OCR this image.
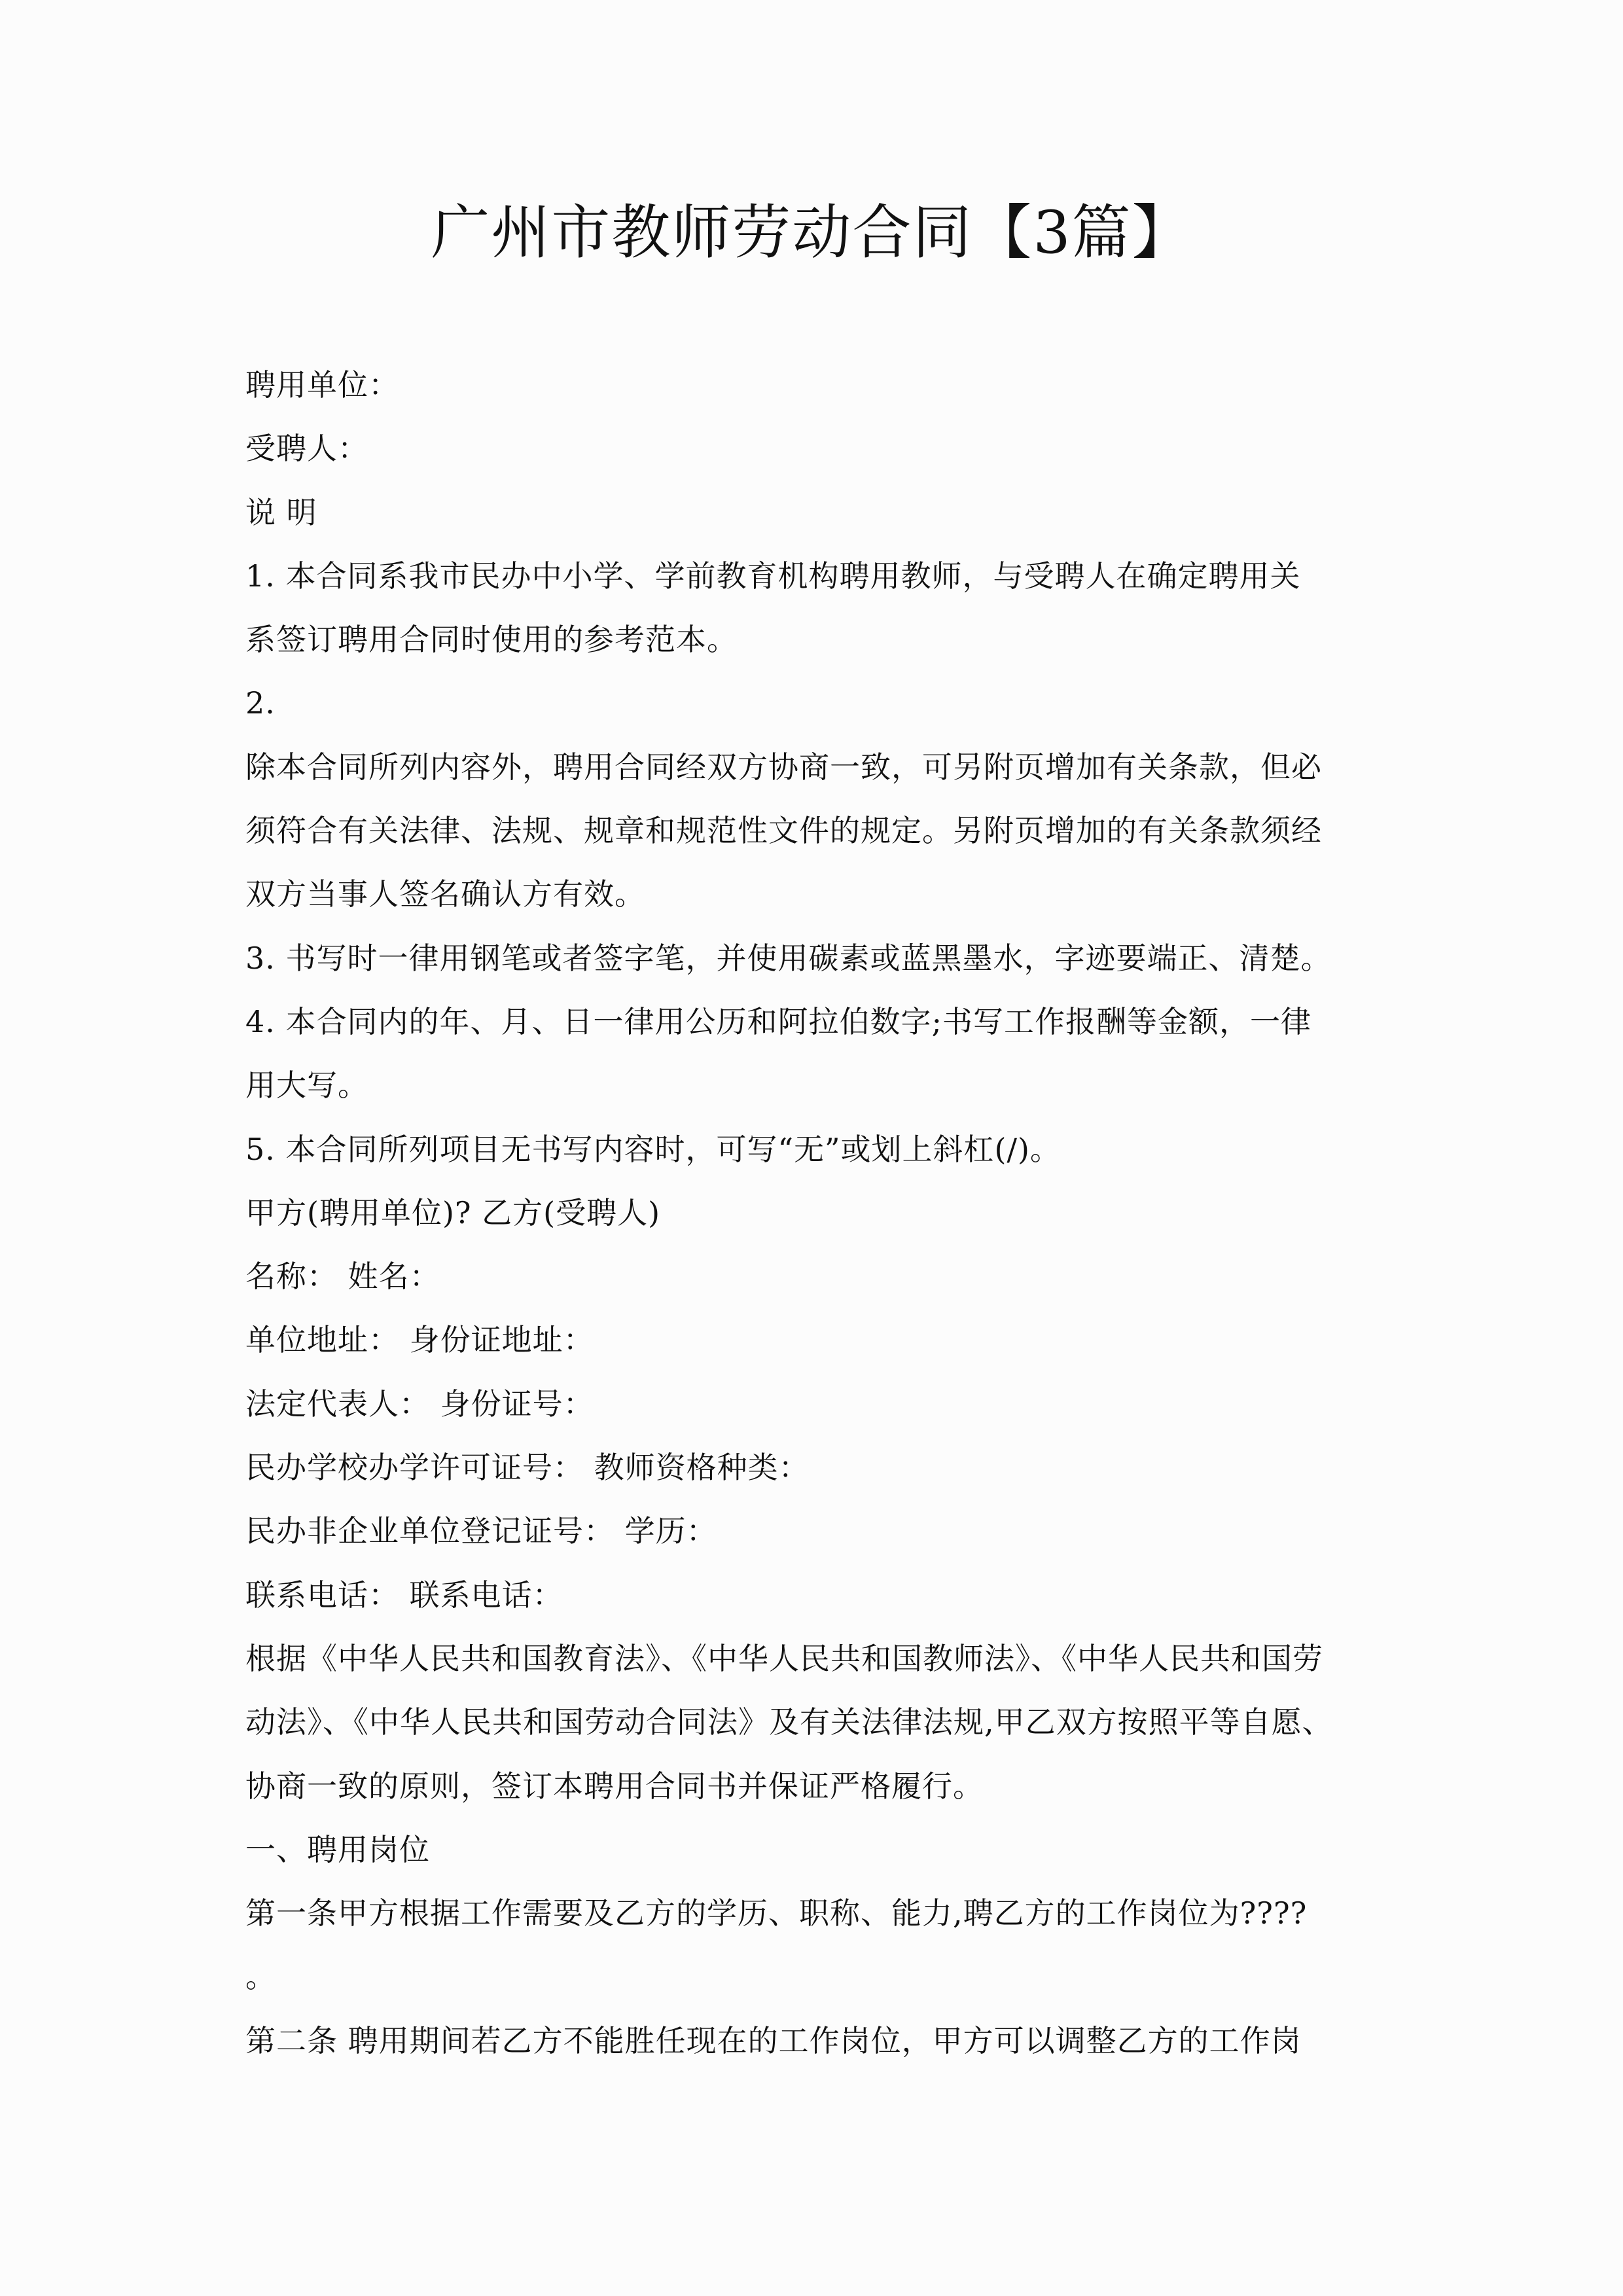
广州市教师劳动合同【3篇】
聘用单位：
受聘人：
说 明
1. 本合同系我市民办中小学、学前教育机构聘用教师，与受聘人在确定聘用关
系签订聘用合同时使用的参考范本。
2.
除本合同所列内容外，聘用合同经双方协商一致，可另附页增加有关条款，但必
须符合有关法律、法规、规章和规范性文件的规定。另附页增加的有关条款须经
双方当事人签名确认方有效。
3. 书写时一律用钢笔或者签字笔，并使用碳素或蓝黑墨水，字迹要端正、清楚。
4. 本合同内的年、月、日一律用公历和阿拉伯数字;书写工作报酬等金额，一律
用大写。
5. 本合同所列项目无书写内容时，可写“无”或划上斜杠(/)。
甲方(聘用单位)? 乙方(受聘人)
名称： 姓名：
单位地址： 身份证地址：
法定代表人： 身份证号：
民办学校办学许可证号： 教师资格种类：
民办非企业单位登记证号： 学历：
联系电话： 联系电话：
根据《中华人民共和国教育法》、《中华人民共和国教师法》、《中华人民共和国劳
动法》、《中华人民共和国劳动合同法》及有关法律法规,甲乙双方按照平等自愿、
协商一致的原则，签订本聘用合同书并保证严格履行。
一、聘用岗位
第一条甲方根据工作需要及乙方的学历、职称、能力,聘乙方的工作岗位为????
。
第二条 聘用期间若乙方不能胜任现在的工作岗位，甲方可以调整乙方的工作岗
